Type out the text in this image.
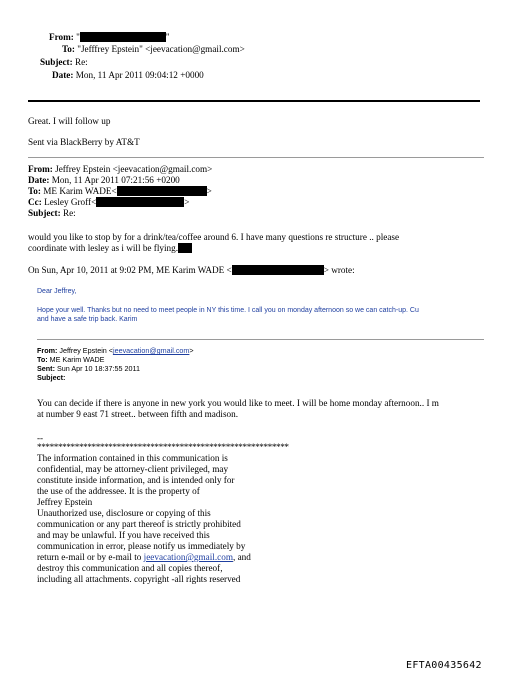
From: "	"
To: "Jefffrey Epstein" <jeevacation@gmail.com>
Subject: Re:
Date: Mon, 11 Apr 2011 09:04:12 +0000
Great. I will follow up
Sent via BlackBerry by AT&T
From: Jeffrey Epstein <jeevacation@gmail.com>
Date: Mon, 11 Apr 2011 07:21:56 +0200
To: ME Karim WADE<	>
Cc: Lesley Groff<	>
Subject: Re:
would you like to stop by for a drink/tea/coffee around 6. I have many questions re structure .. please
coordinate with lesley as i will be flying.
On Sun, Apr 10, 2011 at 9:02 PM, ME Karim WADE <	> wrote:
Dear Jeffrey,
Hope your well. Thanks but no need to meet people in NY this time. I call you on monday afternoon so we can catch-up. Cu
and have a safe trip back. Karim
From: Jeffrey Epstein <jeevacation@gmail.com>
To: ME Karim WADE
Sent: Sun Apr 10 18:37:55 2011
Subject:
You can decide if there is anyone in new york you would like to meet. I will be home monday afternoon.. I m
at number 9 east 71 street.. between fifth and madison.
--
************************************************************
The information contained in this communication is
confidential, may be attorney-client privileged, may
constitute inside information, and is intended only for
the use of the addressee. It is the property of
Jeffrey Epstein
Unauthorized use, disclosure or copying of this
communication or any part thereof is strictly prohibited
and may be unlawful. If you have received this
communication in error, please notify us immediately by
return e-mail or by e-mail to jeevacation@gmail.com, and
destroy this communication and all copies thereof,
including all attachments. copyright -all rights reserved
EFTA00435642
